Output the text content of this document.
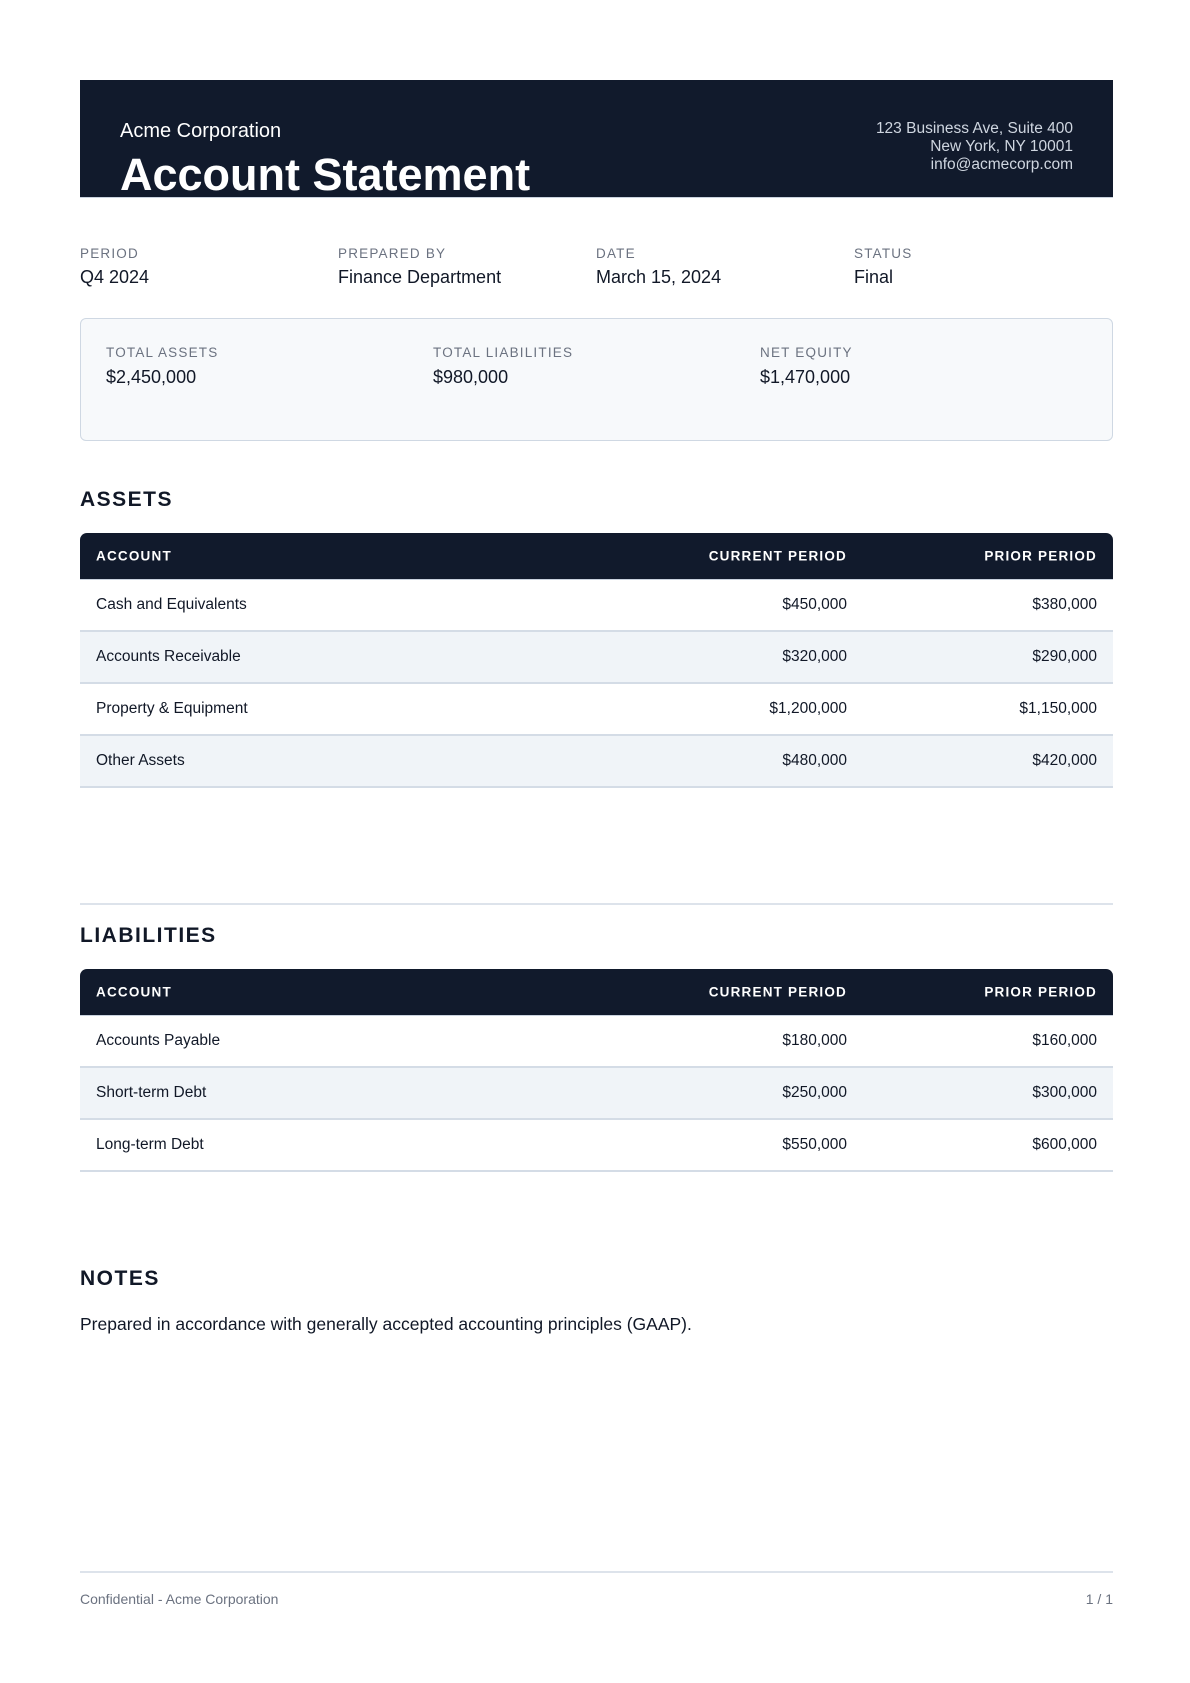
Acme Corporation
Account Statement
123 Business Ave, Suite 400
New York, NY 10001
info@acmecorp.com
PERIOD
Q4 2024
PREPARED BY
Finance Department
DATE
March 15, 2024
STATUS
Final
TOTAL ASSETS
$2,450,000
TOTAL LIABILITIES
$980,000
NET EQUITY
$1,470,000
ASSETS
ACCOUNT	CURRENT PERIOD	PRIOR PERIOD
Cash and Equivalents	$450,000	$380,000
Accounts Receivable	$320,000	$290,000
Property & Equipment	$1,200,000	$1,150,000
Other Assets	$480,000	$420,000
LIABILITIES
ACCOUNT	CURRENT PERIOD	PRIOR PERIOD
Accounts Payable	$180,000	$160,000
Short-term Debt	$250,000	$300,000
Long-term Debt	$550,000	$600,000
NOTES
Prepared in accordance with generally accepted accounting principles (GAAP).
Confidential - Acme Corporation	1 / 1
